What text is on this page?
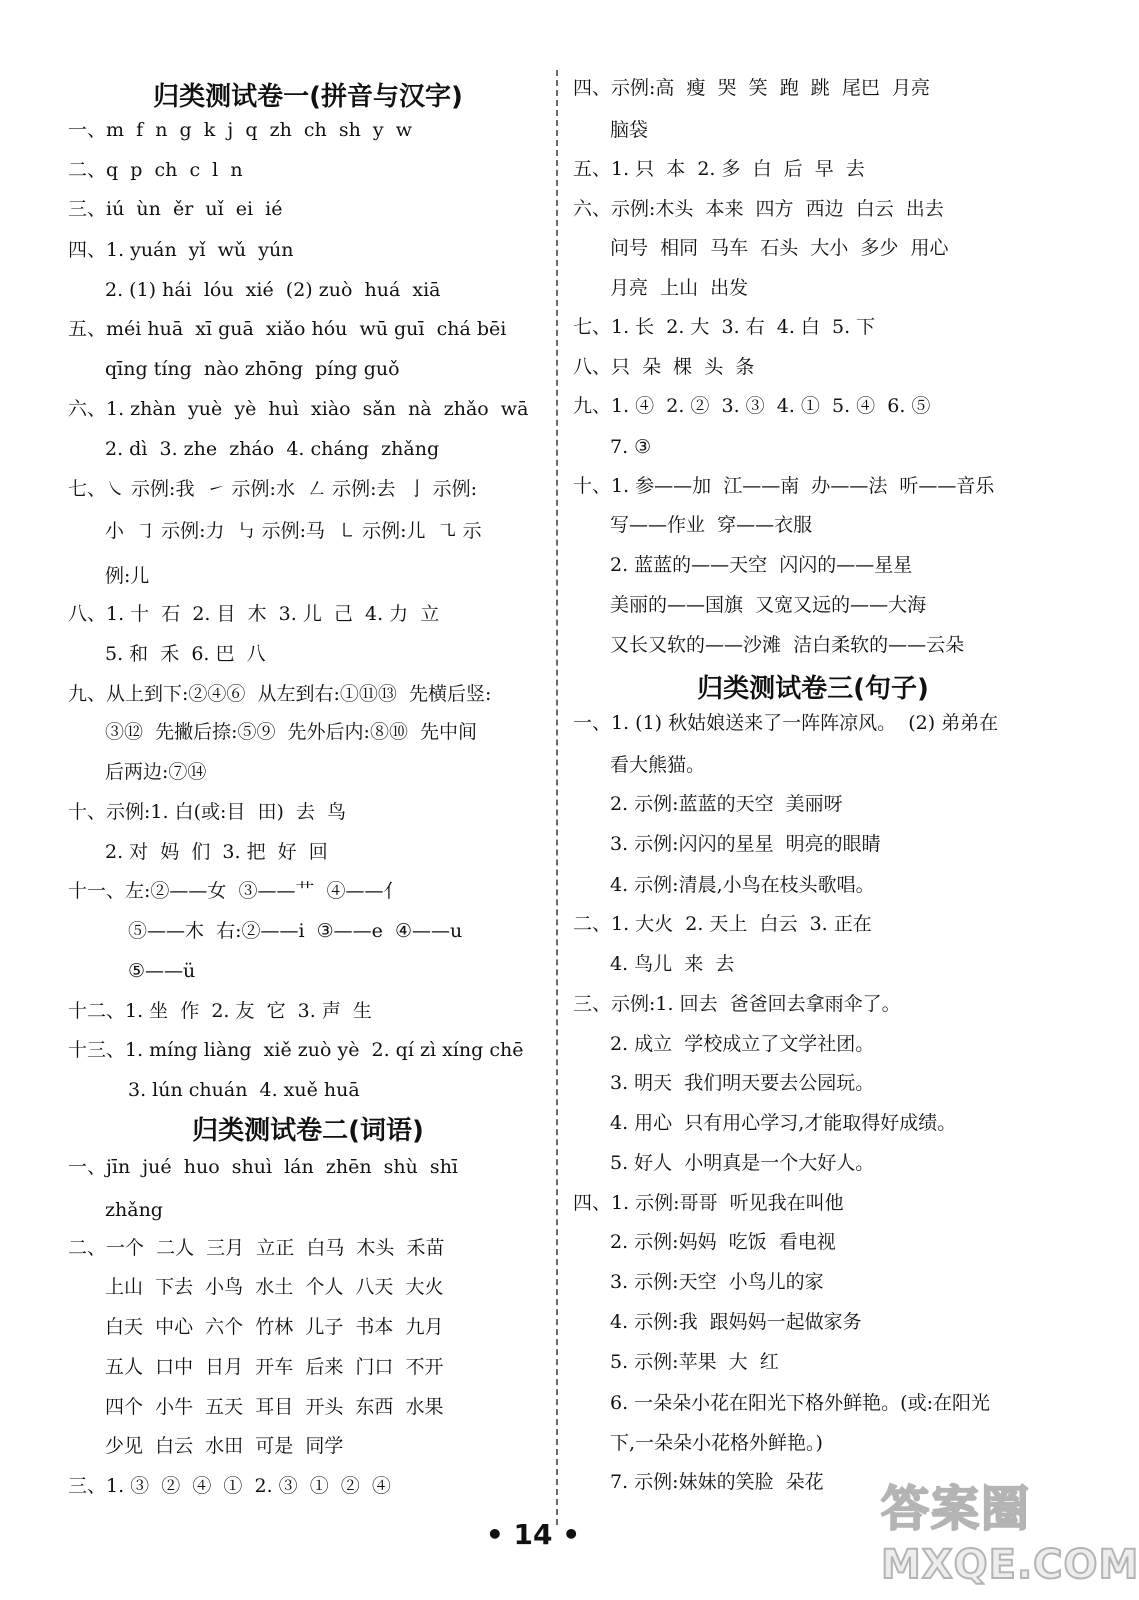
归类测试卷一(拼音与汉字)
一、m  f  n  g  k  j  q  zh  ch  sh  y  w
二、q  p  ch  c  l  n
三、iú  ùn  ěr  uǐ  ei  ié
四、1. yuán  yǐ  wǔ  yún
2. (1) hái  lóu  xié  (2) zuò  huá  xiā
五、méi huā  xī guā  xiǎo hóu  wū guī  chá bēi
qīng tíng  nào zhōng  píng guǒ
六、1. zhàn  yuè  yè  huì  xiào  sǎn  nà  zhǎo  wā
2. dì  3. zhe  zháo  4. cháng  zhǎng
七、㇏ 示例:我  ㇀ 示例:水  ㇜ 示例:去  亅 示例:
小  ㇆ 示例:力  ㇉ 示例:马  ㇄ 示例:儿  ㇈ 示
例:儿
八、1. 十  石  2. 目  木  3. 儿  己  4. 力  立
5. 和  禾  6. 巴  八
九、从上到下:②④⑥  从左到右:①⑪⑬  先横后竖:
③⑫  先撇后捺:⑤⑨  先外后内:⑧⑩  先中间
后两边:⑦⑭
十、示例:1. 白(或:目  田)  去  鸟
2. 对  妈  们  3. 把  好  回
十一、左:②——女  ③——艹  ④——亻
⑤——木  右:②——i  ③——e  ④——u
⑤——ü
十二、1. 坐  作  2. 友  它  3. 声  生
十三、1. míng liàng  xiě zuò yè  2. qí zì xíng chē
3. lún chuán  4. xuě huā
归类测试卷二(词语)
一、jīn  jué  huo  shuì  lán  zhēn  shù  shī
zhǎng
二、一个  二人  三月  立正  白马  木头  禾苗
上山  下去  小鸟  水土  个人  八天  大火
白天  中心  六个  竹林  儿子  书本  九月
五人  口中  日月  开车  后来  门口  不开
四个  小牛  五天  耳目  开头  东西  水果
少见  白云  水田  可是  同学
三、1. ③  ②  ④  ①  2. ③  ①  ②  ④
四、示例:高  瘦  哭  笑  跑  跳  尾巴  月亮
脑袋
五、1. 只  本  2. 多  白  后  早  去
六、示例:木头  本来  四方  西边  白云  出去
问号  相同  马车  石头  大小  多少  用心
月亮  上山  出发
七、1. 长  2. 大  3. 右  4. 白  5. 下
八、只  朵  棵  头  条
九、1. ④  2. ②  3. ③  4. ①  5. ④  6. ⑤
7. ③
十、1. 参——加  江——南  办——法  听——音乐
写——作业  穿——衣服
2. 蓝蓝的——天空  闪闪的——星星
美丽的——国旗  又宽又远的——大海
又长又软的——沙滩  洁白柔软的——云朵
归类测试卷三(句子)
一、1. (1) 秋姑娘送来了一阵阵凉风。  (2) 弟弟在
看大熊猫。
2. 示例:蓝蓝的天空  美丽呀
3. 示例:闪闪的星星  明亮的眼睛
4. 示例:清晨,小鸟在枝头歌唱。
二、1. 大火  2. 天上  白云  3. 正在
4. 鸟儿  来  去
三、示例:1. 回去  爸爸回去拿雨伞了。
2. 成立  学校成立了文学社团。
3. 明天  我们明天要去公园玩。
4. 用心  只有用心学习,才能取得好成绩。
5. 好人  小明真是一个大好人。
四、1. 示例:哥哥  听见我在叫他
2. 示例:妈妈  吃饭  看电视
3. 示例:天空  小鸟儿的家
4. 示例:我  跟妈妈一起做家务
5. 示例:苹果  大  红
6. 一朵朵小花在阳光下格外鲜艳。(或:在阳光
下,一朵朵小花格外鲜艳。)
7. 示例:妹妹的笑脸  朵花
• 14 •	答案圈
MXQE.COM
